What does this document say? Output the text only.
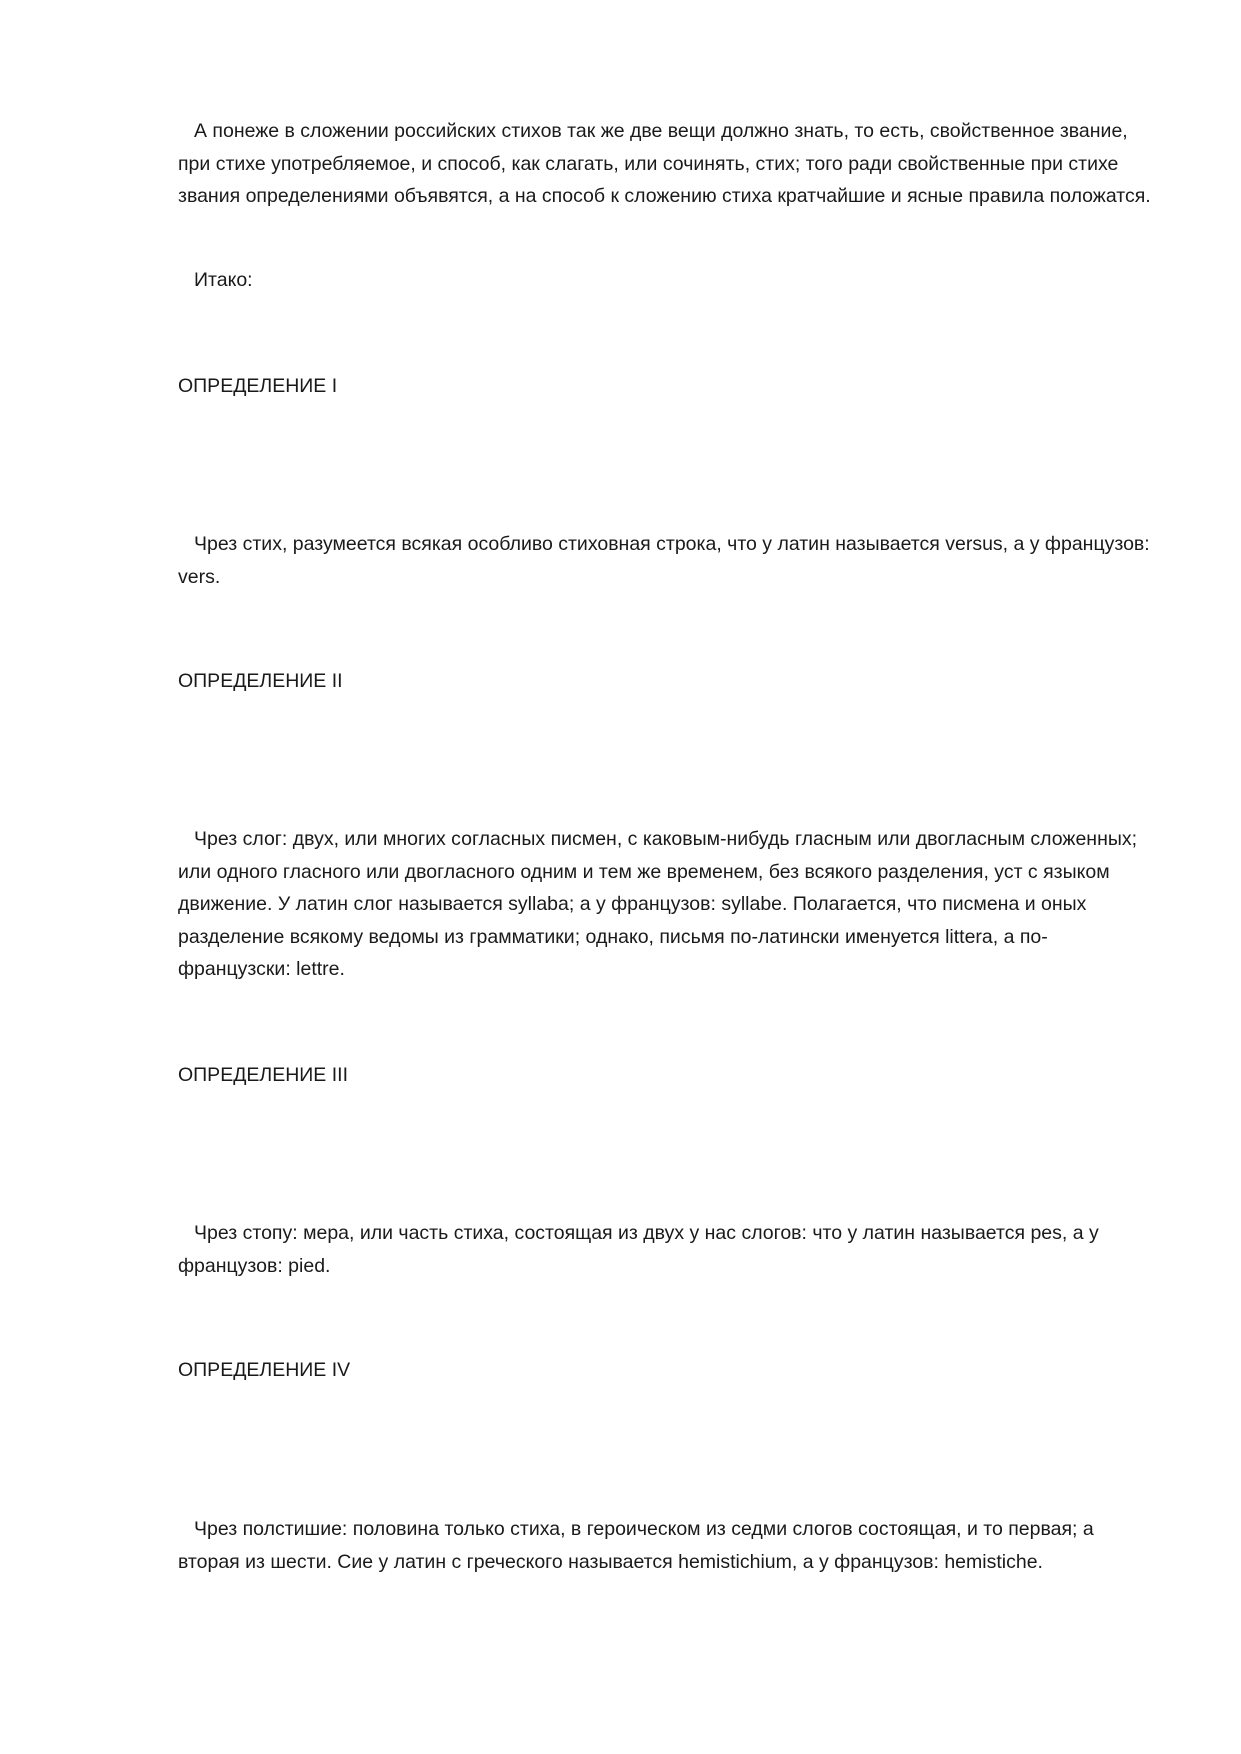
А понеже в сложении российских стихов так же две вещи должно знать, то есть, свойственное звание, при стихе употребляемое, и способ, как слагать, или сочинять, стих; того ради свойственные при стихе звания определениями объявятся, а на способ к сложению стиха кратчайшие и ясные правила положатся.

Итако:

ОПРЕДЕЛЕНИЕ I

Чрез стих, разумеется всякая особливо стиховная строка, что у латин называется versus, а у французов: vers.

ОПРЕДЕЛЕНИЕ II

Чрез слог: двух, или многих согласных писмен, с каковым-нибудь гласным или двогласным сложенных; или одного гласного или двогласного одним и тем же временем, без всякого разделения, уст с языком движение. У латин слог называется syllaba; а у французов: syllabe. Полагается, что писмена и оных разделение всякому ведомы из грамматики; однако, письмя по-латински именуется littera, а по-французски: lettre.

ОПРЕДЕЛЕНИЕ III

Чрез стопу: мера, или часть стиха, состоящая из двух у нас слогов: что у латин называется pes, а у французов: pied.

ОПРЕДЕЛЕНИЕ IV

Чрез полстишие: половина только стиха, в героическом из седми слогов состоящая, и то первая; а вторая из шести. Сие у латин с греческого называется hemistichium, а у французов: hemistiche.
